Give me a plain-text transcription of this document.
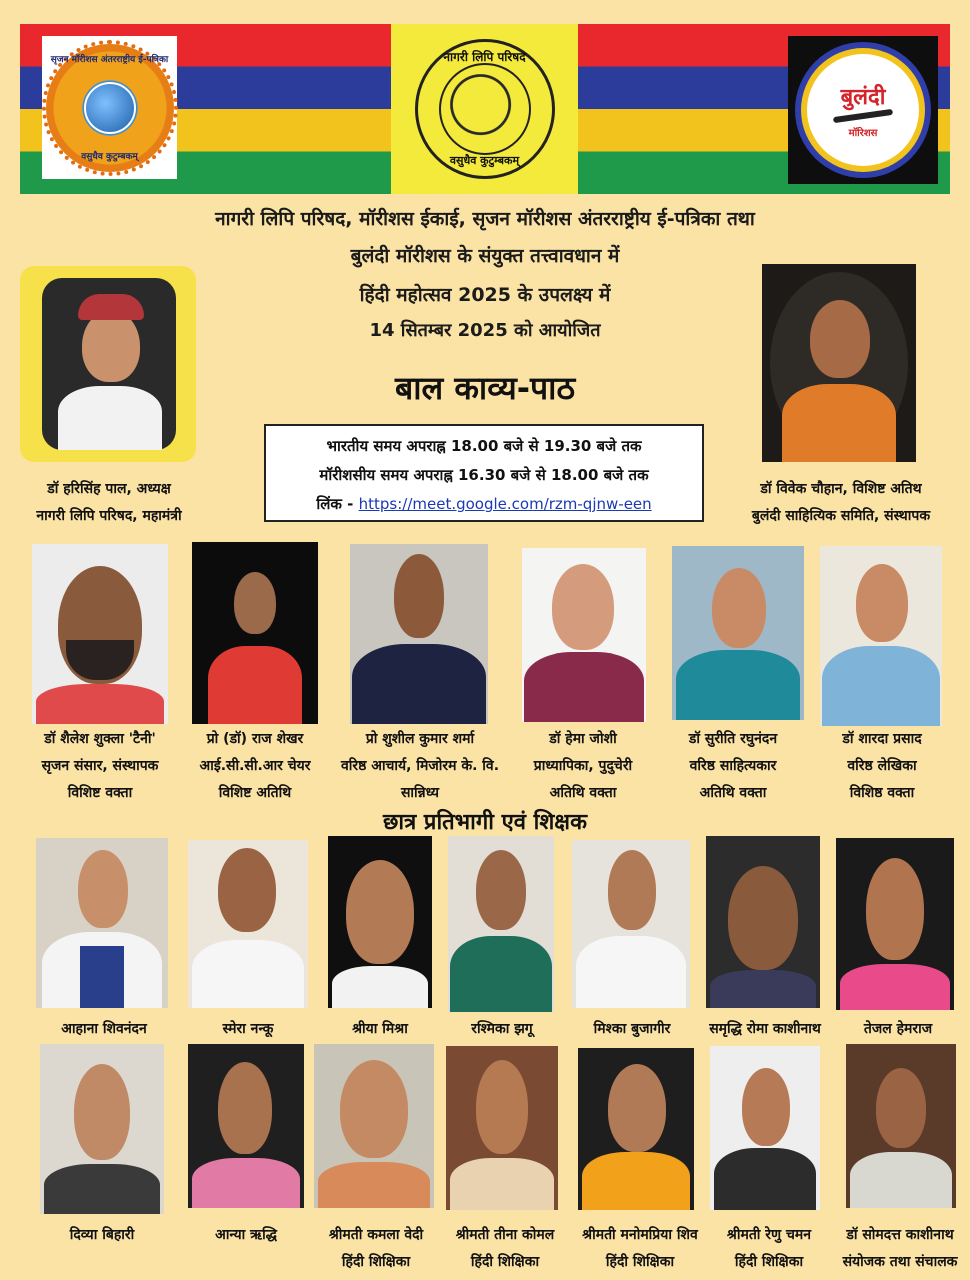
सृजन मॉरीशस अंतरराष्ट्रीय ई-पत्रिका
वसुधैव कुटुम्बकम्
नागरी लिपि परिषद
वसुधैव कुटुम्बकम्
बुलंदी
मॉरिशस
नागरी लिपि परिषद, मॉरीशस ईकाई, सृजन मॉरीशस अंतरराष्ट्रीय ई-पत्रिका तथा
बुलंदी मॉरीशस के संयुक्त तत्त्वावधान में
हिंदी महोत्सव 2025 के उपलक्ष्य में
14 सितम्बर 2025 को आयोजित
बाल काव्य-पाठ
डॉ हरिसिंह पाल, अध्यक्ष
नागरी लिपि परिषद, महामंत्री
डॉ विवेक चौहान, विशिष्ट अतिथ
बुलंदी साहित्यिक समिति, संस्थापक
भारतीय समय अपराह्न 18.00 बजे से 19.30 बजे तक
मॉरीशसीय समय अपराह्न 16.30 बजे से 18.00 बजे तक
लिंक - https://meet.google.com/rzm-qjnw-een
डॉ शैलेश शुक्ला 'टैनी'
सृजन संसार, संस्थापक
विशिष्ट वक्ता
प्रो (डॉ) राज शेखर
आई.सी.सी.आर चेयर
विशिष्ट अतिथि
प्रो शुशील कुमार शर्मा
वरिष्ठ आचार्य, मिजोरम के. वि.
सान्निध्य
डॉ हेमा जोशी
प्राध्यापिका, पुदुचेरी
अतिथि वक्ता
डॉ सुरीति रघुनंदन
वरिष्ठ साहित्यकार
अतिथि वक्ता
डॉ शारदा प्रसाद
वरिष्ठ लेखिका
विशिष्ठ वक्ता
छात्र प्रतिभागी एवं शिक्षक
आहाना शिवनंदन	स्मेरा नन्कू	श्रीया मिश्रा	रश्मिका झगू	मिश्का बुजागीर	समृद्धि रोमा काशीनाथ	तेजल हेमराज
दिव्या बिहारी	आन्या ऋद्धि	श्रीमती कमला वेदी
हिंदी शिक्षिका
श्रीमती तीना कोमल
हिंदी शिक्षिका
श्रीमती मनोमप्रिया शिव
हिंदी शिक्षिका
श्रीमती रेणु चमन
हिंदी शिक्षिका
डॉ सोमदत्त काशीनाथ
संयोजक तथा संचालक
